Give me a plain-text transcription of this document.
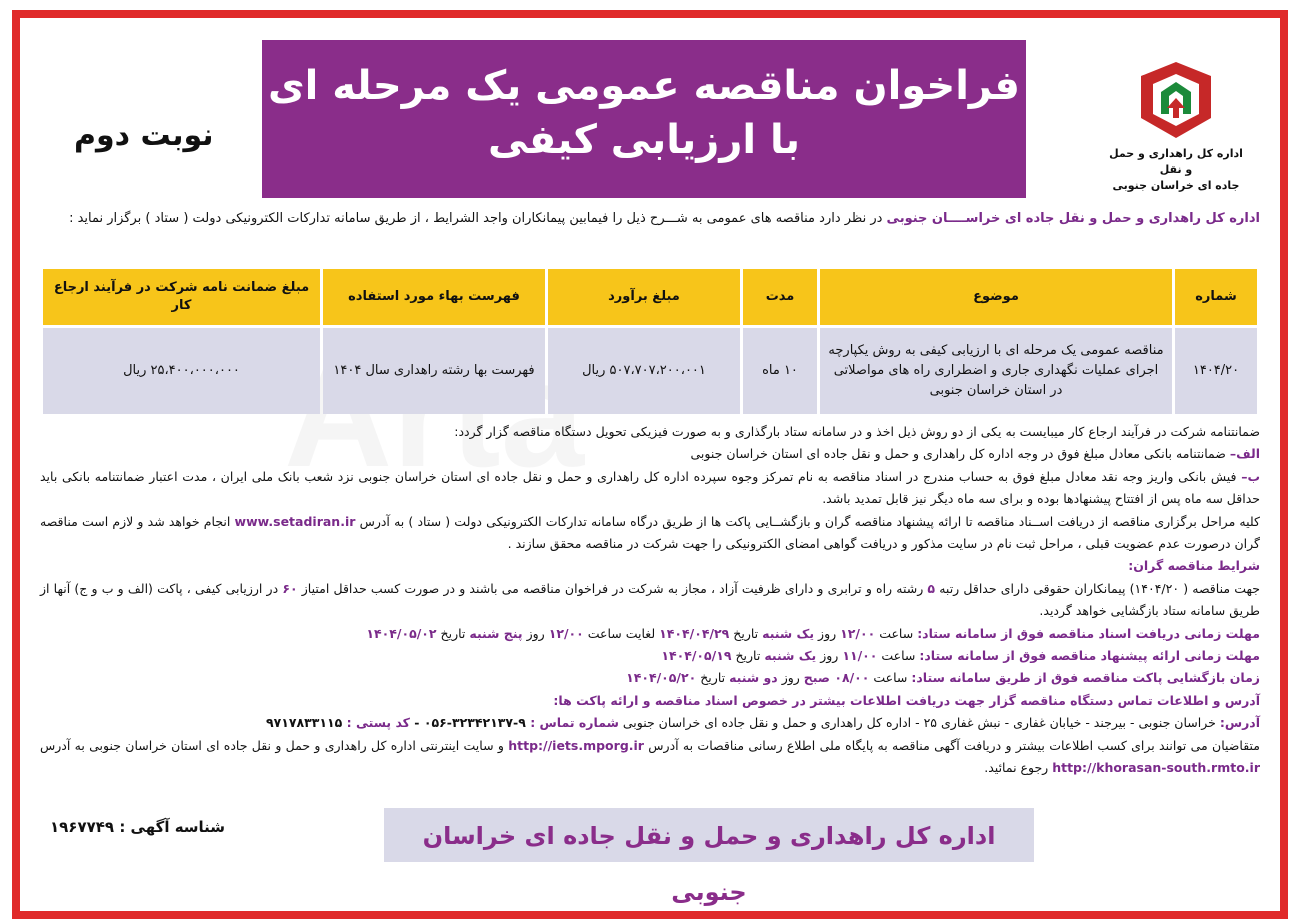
اداره کل راهداری و حمل و نقل
جاده ای خراسان جنوبی
فراخوان مناقصه عمومی یک مرحله ای
با ارزیابی کیفی
نوبت دوم
اداره کل راهداری و حمل و نقل جاده ای خراســــان جنوبی در نظر دارد مناقصه های عمومی به شـــرح ذیل را فیمابین پیمانکاران واجد الشرایط ، از طریق سامانه تدارکات الکترونیکی دولت ( ستاد ) برگزار نماید :
شماره	موضوع	مدت	مبلغ برآورد	فهرست بهاء مورد استفاده	مبلغ ضمانت نامه شرکت در فرآیند ارجاع کار
۱۴۰۴/۲۰	مناقصه عمومی یک مرحله ای با ارزیابی کیفی به روش یکپارچه اجرای عملیات نگهداری جاری و اضطراری راه های مواصلاتی در استان خراسان جنوبی	۱۰ ماه	۵۰۷،۷۰۷،۲۰۰،۰۰۱ ریال	فهرست بها رشته راهداری سال ۱۴۰۴	۲۵،۴۰۰،۰۰۰،۰۰۰ ریال

ضمانتنامه شرکت در فرآیند ارجاع کار میبایست به یکی از دو روش ذیل اخذ و در سامانه ستاد بارگذاری و به صورت فیزیکی تحویل دستگاه مناقصه گزار گردد:

الف– ضمانتنامه بانکی معادل مبلغ فوق در وجه اداره کل راهداری و حمل و نقل جاده ای استان خراسان جنوبی

ب– فیش بانکی واریز وجه نقد معادل مبلغ فوق به حساب مندرج در اسناد مناقصه به نام تمرکز وجوه سپرده اداره کل راهداری و حمل و نقل جاده ای استان خراسان جنوبی نزد شعب بانک ملی ایران ، مدت اعتبار ضمانتنامه بانکی باید حداقل سه ماه پس از افتتاح پیشنهادها بوده و برای سه ماه دیگر نیز قابل تمدید باشد.

کلیه مراحل برگزاری مناقصه از دریافت اســناد مناقصه تا ارائه پیشنهاد مناقصه گران و بازگشــایی پاکت ها از طریق درگاه سامانه تدارکات الکترونیکی دولت ( ستاد ) به آدرس www.setadiran.ir انجام خواهد شد و لازم است مناقصه گران درصورت عدم عضویت قبلی ، مراحل ثبت نام در سایت مذکور و دریافت گواهی امضای الکترونیکی را جهت شرکت در مناقصه محقق سازند .

شرایط مناقصه گران:

جهت مناقصه ( ۱۴۰۴/۲۰) پیمانکاران حقوقی دارای حداقل رتبه ۵ رشته راه و ترابری و دارای ظرفیت آزاد ، مجاز به شرکت در فراخوان مناقصه می باشند و در صورت کسب حداقل امتیاز ۶۰ در ارزیابی کیفی ، پاکت (الف و ب و ج) آنها از طریق سامانه ستاد بازگشایی خواهد گردید.

مهلت زمانی دریافت اسناد مناقصه فوق از سامانه ستاد: ساعت ۱۲/۰۰ روز یک شنبه تاریخ ۱۴۰۴/۰۴/۲۹ لغایت ساعت ۱۲/۰۰ روز پنج شنبه تاریخ ۱۴۰۴/۰۵/۰۲

مهلت زمانی ارائه پیشنهاد مناقصه فوق از سامانه ستاد: ساعت ۱۱/۰۰ روز یک شنبه تاریخ ۱۴۰۴/۰۵/۱۹

زمان بازگشایی پاکت مناقصه فوق از طریق سامانه ستاد: ساعت ۰۸/۰۰ صبح روز دو شنبه تاریخ ۱۴۰۴/۰۵/۲۰

آدرس و اطلاعات تماس دستگاه مناقصه گزار جهت دریافت اطلاعات بیشتر در خصوص اسناد مناقصه و ارائه پاکت ها:

آدرس: خراسان جنوبی - بیرجند - خیابان غفاری - نبش غفاری ۲۵ - اداره کل راهداری و حمل و نقل جاده ای خراسان جنوبی شماره تماس : ۹-۳۲۳۴۲۱۳۷-۰۵۶ - کد پستی : ۹۷۱۷۸۳۳۱۱۵

متقاضیان می توانند برای کسب اطلاعات بیشتر و دریافت آگهی مناقصه به پایگاه ملی اطلاع رسانی مناقصات به آدرس http://iets.mporg.ir و سایت اینترنتی اداره کل راهداری و حمل و نقل جاده ای استان خراسان جنوبی به آدرس http://khorasan-south.rmto.ir رجوع نمائید.

اداره کل راهداری و حمل و نقل جاده ای خراسان جنوبی
شناسه آگهی : ۱۹۶۷۷۴۹
